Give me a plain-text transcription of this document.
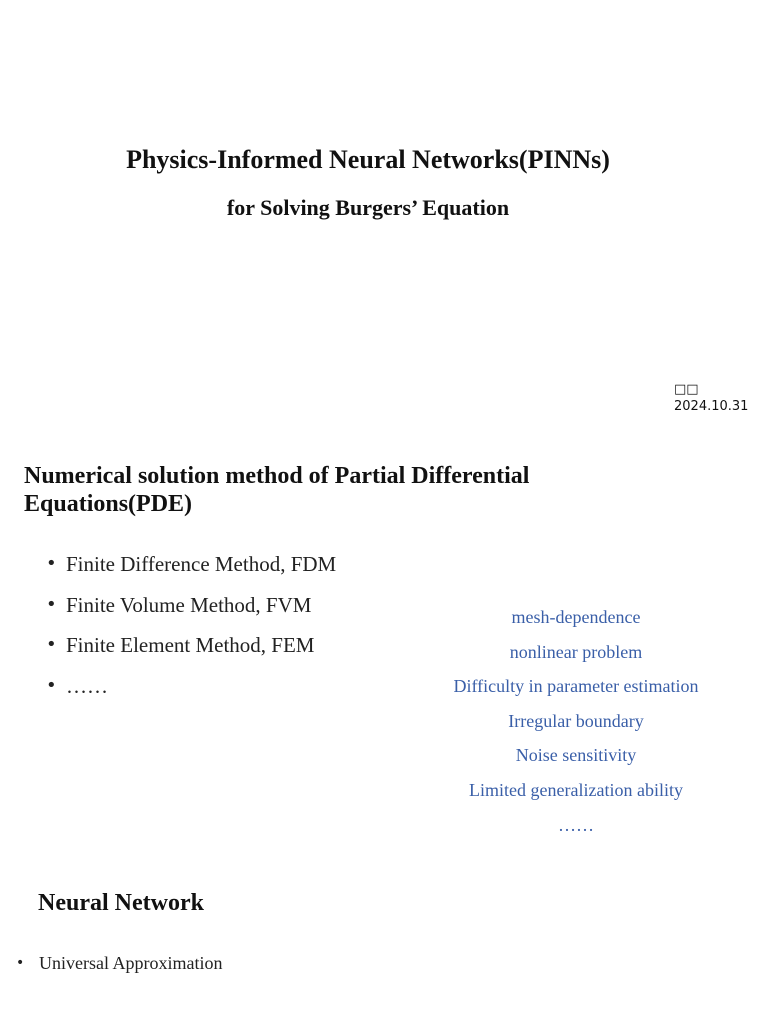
Physics-Informed Neural Networks(PINNs)
for Solving Burgers’ Equation
□□
2024.10.31
Numerical solution method of Partial Differential Equations(PDE)
• Finite Difference Method, FDM
• Finite Volume Method, FVM
• Finite Element Method, FEM
• ……
mesh-dependence
nonlinear problem
Difficulty in parameter estimation
Irregular boundary
Noise sensitivity
Limited generalization ability
……
Neural Network
• Universal Approximation
